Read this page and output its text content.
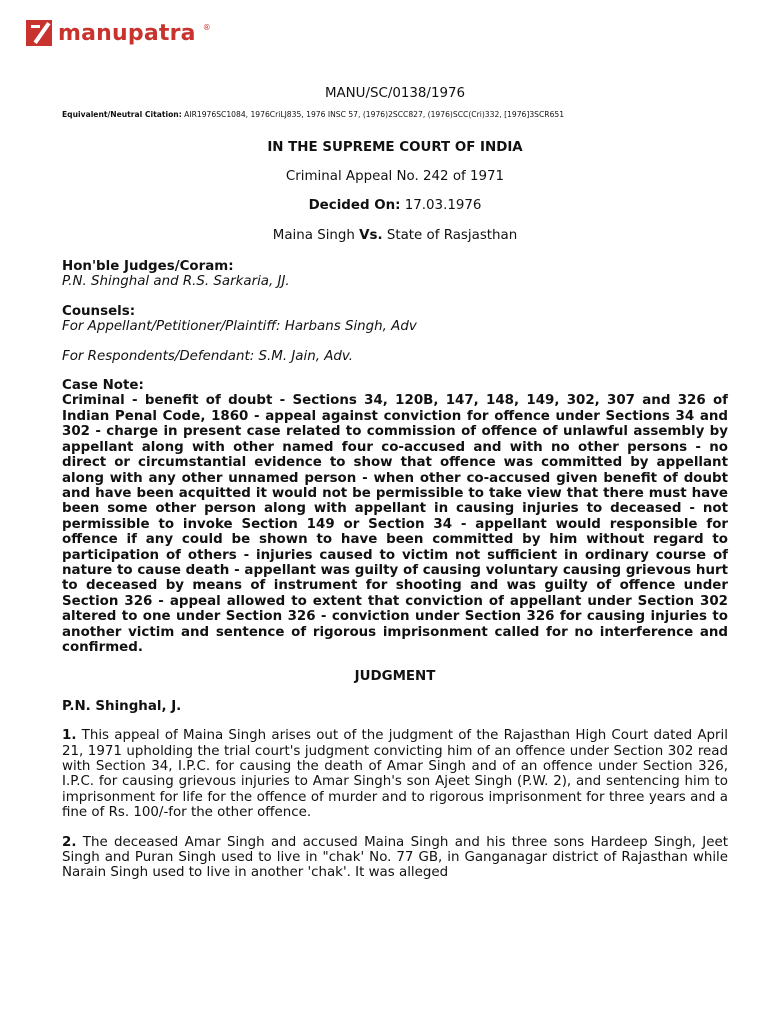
manupatra ®

MANU/SC/0138/1976

Equivalent/Neutral Citation: AIR1976SC1084, 1976CriLJ835, 1976 INSC 57, (1976)2SCC827, (1976)SCC(Cri)332, [1976]3SCR651

IN THE SUPREME COURT OF INDIA

Criminal Appeal No. 242 of 1971

Decided On: 17.03.1976

Maina Singh Vs. State of Rasjasthan

Hon'ble Judges/Coram:

P.N. Shinghal and R.S. Sarkaria, JJ.

Counsels:

For Appellant/Petitioner/Plaintiff: Harbans Singh, Adv

For Respondents/Defendant: S.M. Jain, Adv.

Case Note:

Criminal - benefit of doubt - Sections 34, 120B, 147, 148, 149, 302, 307 and 326 of Indian Penal Code, 1860 - appeal against conviction for offence under Sections 34 and 302 - charge in present case related to commission of offence of unlawful assembly by appellant along with other named four co-accused and with no other persons - no direct or circumstantial evidence to show that offence was committed by appellant along with any other unnamed person - when other co-accused given benefit of doubt and have been acquitted it would not be permissible to take view that there must have been some other person along with appellant in causing injuries to deceased - not permissible to invoke Section 149 or Section 34 - appellant would responsible for offence if any could be shown to have been committed by him without regard to participation of others - injuries caused to victim not sufficient in ordinary course of nature to cause death - appellant was guilty of causing voluntary causing grievous hurt to deceased by means of instrument for shooting and was guilty of offence under Section 326 - appeal allowed to extent that conviction of appellant under Section 302 altered to one under Section 326 - conviction under Section 326 for causing injuries to another victim and sentence of rigorous imprisonment called for no interference and confirmed.

JUDGMENT

P.N. Shinghal, J.

1. This appeal of Maina Singh arises out of the judgment of the Rajasthan High Court dated April 21, 1971 upholding the trial court's judgment convicting him of an offence under Section 302 read with Section 34, I.P.C. for causing the death of Amar Singh and of an offence under Section 326, I.P.C. for causing grievous injuries to Amar Singh's son Ajeet Singh (P.W. 2), and sentencing him to imprisonment for life for the offence of murder and to rigorous imprisonment for three years and a fine of Rs. 100/-for the other offence.

2. The deceased Amar Singh and accused Maina Singh and his three sons Hardeep Singh, Jeet Singh and Puran Singh used to live in "chak' No. 77 GB, in Ganganagar district of Rajasthan while Narain Singh used to live in another 'chak'. It was alleged
